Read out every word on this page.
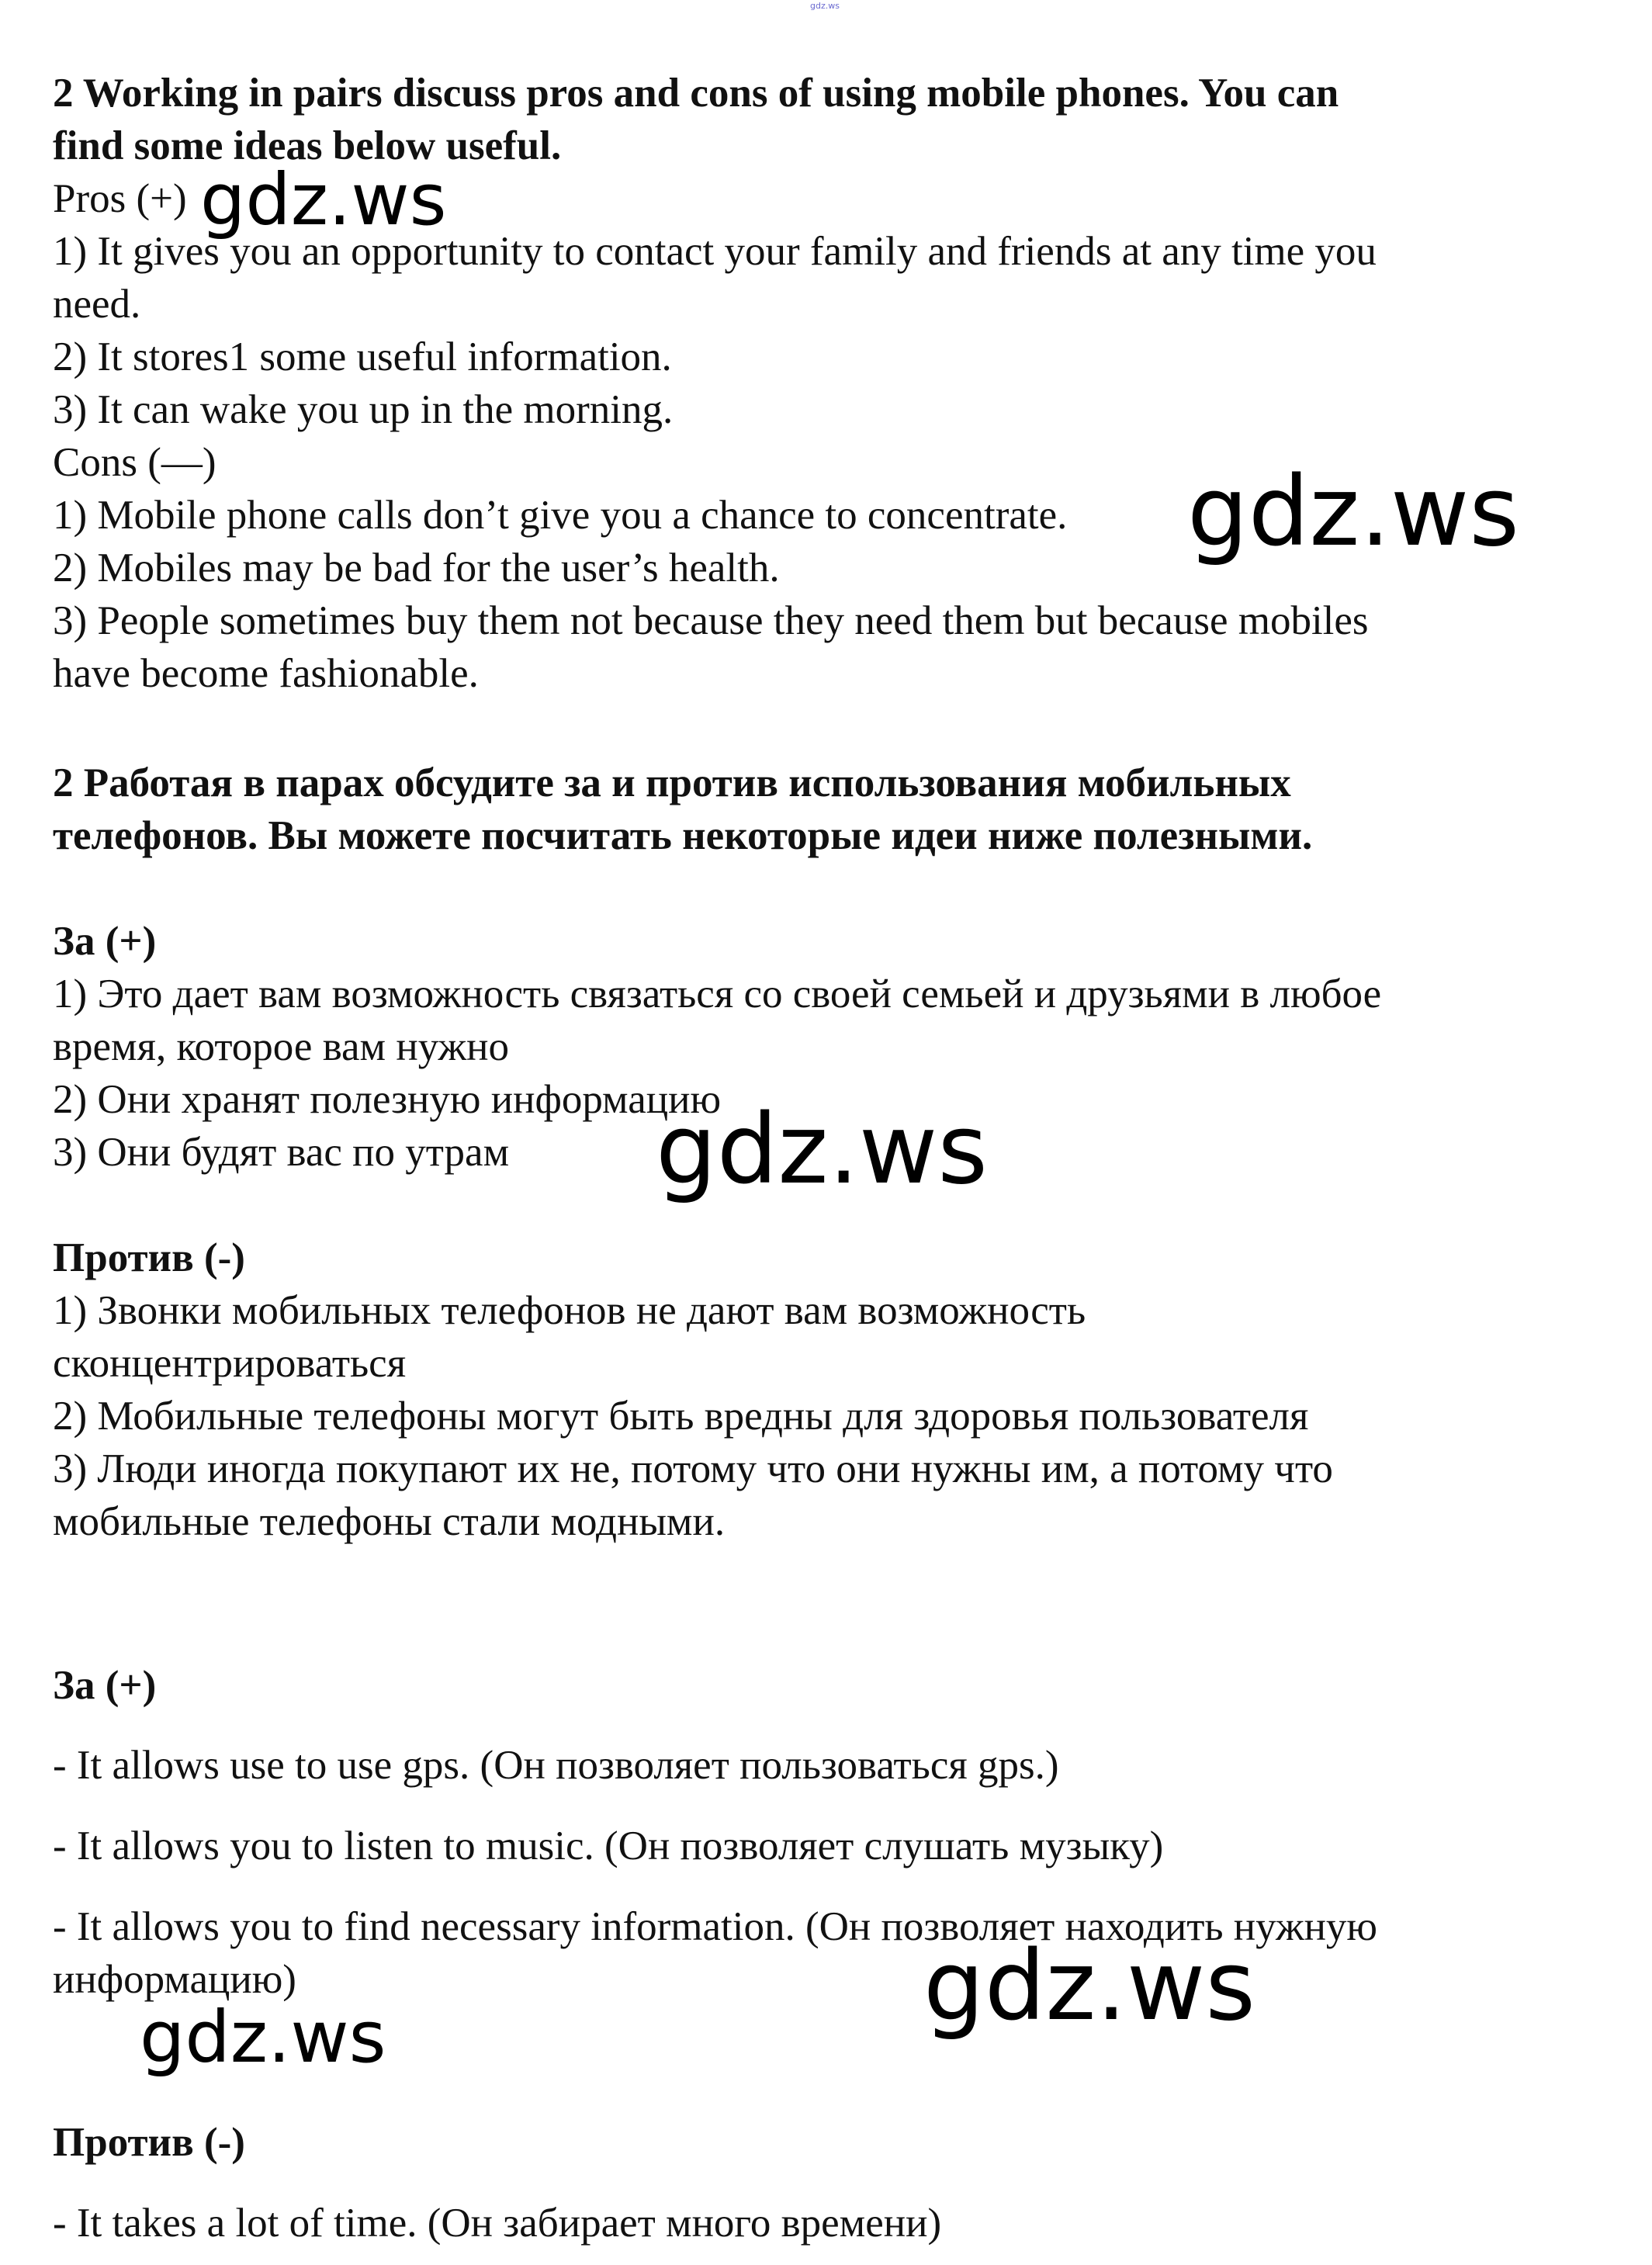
gdz.ws
2 Working in pairs discuss pros and cons of using mobile phones. You can
find some ideas below useful.
Pros (+)
1) It gives you an opportunity to contact your family and friends at any time you
need.
2) It stores1 some useful information.
3) It can wake you up in the morning.
Cons (—)
1) Mobile phone calls don’t give you a chance to concentrate.
2) Mobiles may be bad for the user’s health.
3) People sometimes buy them not because they need them but because mobiles
have become fashionable.
2 Работая в парах обсудите за и против использования мобильных
телефонов. Вы можете посчитать некоторые идеи ниже полезными.
За (+)
1) Это дает вам возможность связаться со своей семьей и друзьями в любое
время, которое вам нужно
2) Они хранят полезную информацию
3) Они будят вас по утрам
Против (-)
1) Звонки мобильных телефонов не дают вам возможность
сконцентрироваться
2) Мобильные телефоны могут быть вредны для здоровья пользователя
3) Люди иногда покупают их не, потому что они нужны им, а потому что
мобильные телефоны стали модными.
За (+)
- It allows use to use gps. (Он позволяет пользоваться gps.)
- It allows you to listen to music. (Он позволяет слушать музыку)
- It allows you to find necessary information. (Он позволяет находить нужную
информацию)
Против (-)
- It takes a lot of time. (Он забирает много времени)
gdz.ws
gdz.ws
gdz.ws
gdz.ws
gdz.ws
